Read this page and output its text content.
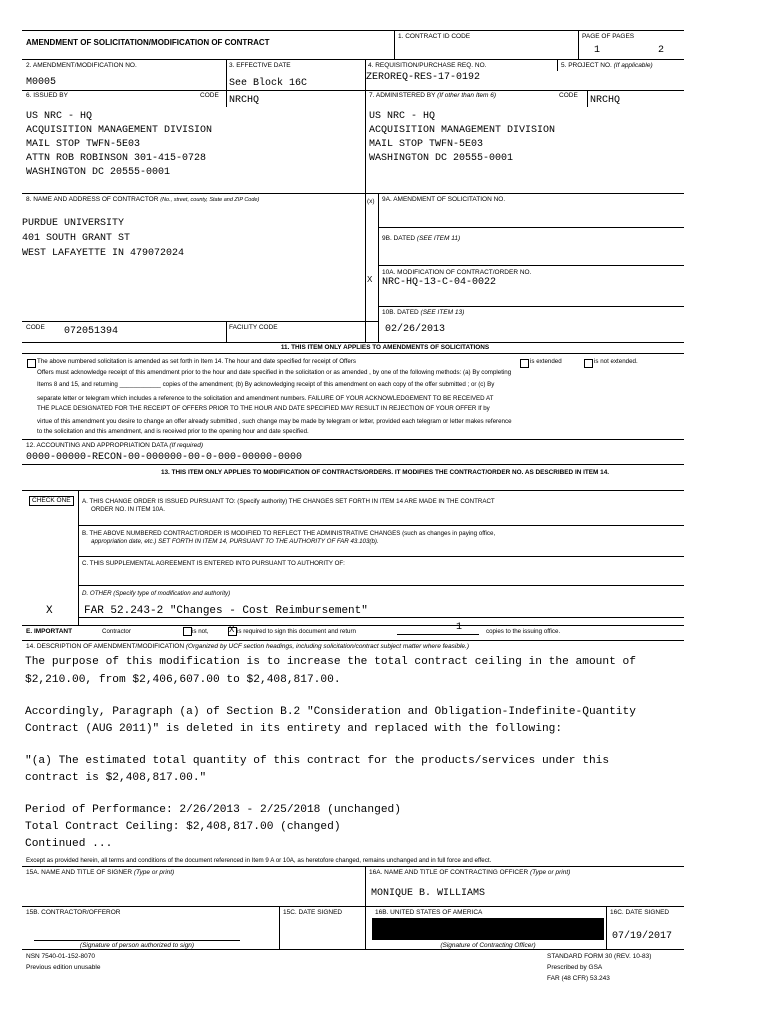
AMENDMENT OF SOLICITATION/MODIFICATION OF CONTRACT
1. CONTRACT ID CODE	PAGE OF PAGES
1	2
2. AMENDMENT/MODIFICATION NO.
M0005
3. EFFECTIVE DATE
See Block 16C
4. REQUISITION/PURCHASE REQ. NO.
ZEROREQ-RES-17-0192
5. PROJECT NO. (If applicable)
6. ISSUED BY	CODE NRCHQ
US NRC - HQ
ACQUISITION MANAGEMENT DIVISION
MAIL STOP TWFN-5E03
ATTN ROB ROBINSON 301-415-0728
WASHINGTON DC 20555-0001
7. ADMINISTERED BY (If other than Item 6)	CODE NRCHQ
US NRC - HQ
ACQUISITION MANAGEMENT DIVISION
MAIL STOP TWFN-5E03
WASHINGTON DC 20555-0001
8. NAME AND ADDRESS OF CONTRACTOR (No., street, county, State and ZIP Code)
PURDUE UNIVERSITY
401 SOUTH GRANT ST
WEST LAFAYETTE IN 479072024
(x) 9A. AMENDMENT OF SOLICITATION NO.
9B. DATED (SEE ITEM 11)
X
10A. MODIFICATION OF CONTRACT/ORDER NO.
NRC-HQ-13-C-04-0022
10B. DATED (SEE ITEM 13)
02/26/2013
CODE 072051394	FACILITY CODE
11. THIS ITEM ONLY APPLIES TO AMENDMENTS OF SOLICITATIONS
The above numbered solicitation is amended as set forth in Item 14. The hour and date specified for receipt of Offers	is extended	is not extended.
Offers must acknowledge receipt of this amendment prior to the hour and date specified in the solicitation or as amended , by one of the following methods: (a) By completing
Items 8 and 15, and returning ____________ copies of the amendment; (b) By acknowledging receipt of this amendment on each copy of the offer submitted ; or (c) By
separate letter or telegram which includes a reference to the solicitation and amendment numbers. FAILURE OF YOUR ACKNOWLEDGEMENT TO BE RECEIVED AT
THE PLACE DESIGNATED FOR THE RECEIPT OF OFFERS PRIOR TO THE HOUR AND DATE SPECIFIED MAY RESULT IN REJECTION OF YOUR OFFER If by
virtue of this amendment you desire to change an offer already submitted , such change may be made by telegram or letter, provided each telegram or letter makes reference
to the solicitation and this amendment, and is received prior to the opening hour and date specified.
12. ACCOUNTING AND APPROPRIATION DATA (If required)
0000-00000-RECON-00-000000-00-0-000-00000-0000
13. THIS ITEM ONLY APPLIES TO MODIFICATION OF CONTRACTS/ORDERS. IT MODIFIES THE CONTRACT/ORDER NO. AS DESCRIBED IN ITEM 14.
CHECK ONE	A. THIS CHANGE ORDER IS ISSUED PURSUANT TO: (Specify authority) THE CHANGES SET FORTH IN ITEM 14 ARE MADE IN THE CONTRACT
ORDER NO. IN ITEM 10A.
B. THE ABOVE NUMBERED CONTRACT/ORDER IS MODIFIED TO REFLECT THE ADMINISTRATIVE CHANGES (such as changes in paying office,
appropriation date, etc.) SET FORTH IN ITEM 14, PURSUANT TO THE AUTHORITY OF FAR 43.103(b).
C. THIS SUPPLEMENTAL AGREEMENT IS ENTERED INTO PURSUANT TO AUTHORITY OF:
D. OTHER (Specify type of modification and authority)
X	FAR 52.243-2 "Changes - Cost Reimbursement"
E. IMPORTANT	Contractor	is not,	X is required to sign this document and return	1	copies to the issuing office.
14. DESCRIPTION OF AMENDMENT/MODIFICATION (Organized by UCF section headings, including solicitation/contract subject matter where feasible.)
The purpose of this modification is to increase the total contract ceiling in the amount of
$2,210.00, from $2,406,607.00 to $2,408,817.00.
Accordingly, Paragraph (a) of Section B.2 "Consideration and Obligation-Indefinite-Quantity
Contract (AUG 2011)" is deleted in its entirety and replaced with the following:
"(a) The estimated total quantity of this contract for the products/services under this
contract is $2,408,817.00."
Period of Performance: 2/26/2013 - 2/25/2018 (unchanged)
Total Contract Ceiling: $2,408,817.00 (changed)
Continued ...
Except as provided herein, all terms and conditions of the document referenced in Item 9 A or 10A, as heretofore changed, remains unchanged and in full force and effect.
15A. NAME AND TITLE OF SIGNER (Type or print)	16A. NAME AND TITLE OF CONTRACTING OFFICER (Type or print)
MONIQUE B. WILLIAMS
15B. CONTRACTOR/OFFEROR
(Signature of person authorized to sign)
15C. DATE SIGNED	16B. UNITED STATES OF AMERICA
(Signature of Contracting Officer)
16C. DATE SIGNED
07/19/2017
NSN 7540-01-152-8070
Previous edition unusable
STANDARD FORM 30 (REV. 10-83)
Prescribed by GSA
FAR (48 CFR) 53.243
